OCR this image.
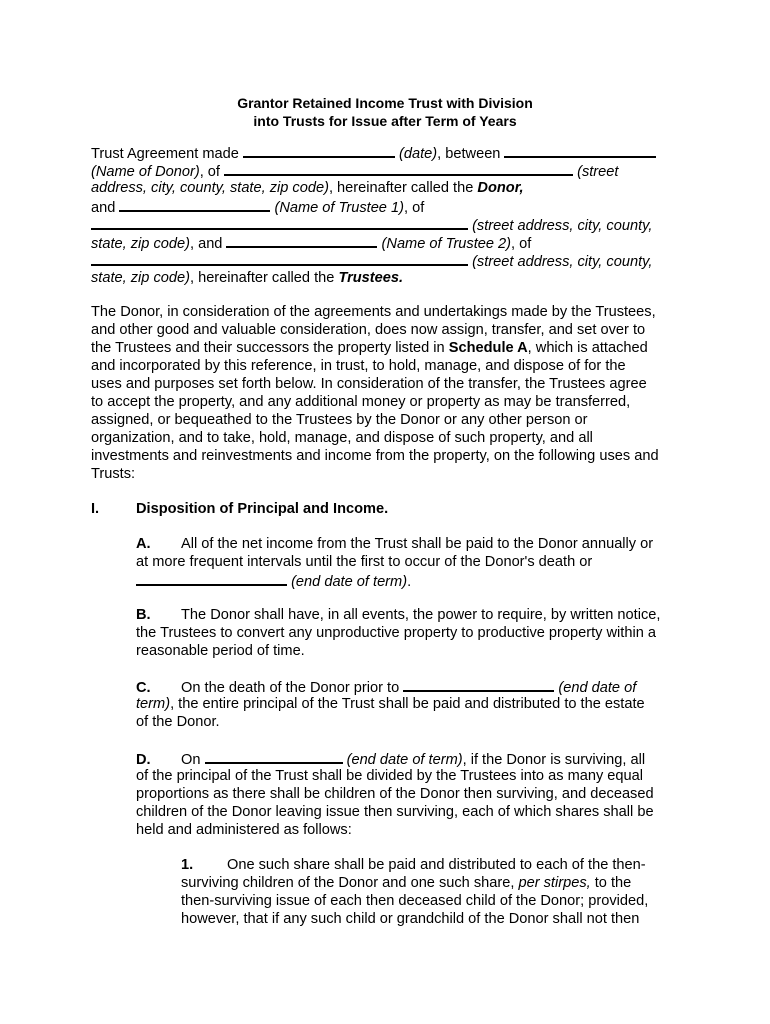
Grantor Retained Income Trust with Division
into Trusts for Issue after Term of Years
Trust Agreement made	(date), between
(Name of Donor), of	(street
address, city, county, state, zip code), hereinafter called the Donor,
and	(Name of Trustee 1), of
(street address, city, county,
state, zip code), and	(Name of Trustee 2), of
(street address, city, county,
state, zip code), hereinafter called the Trustees.
The Donor, in consideration of the agreements and undertakings made by the Trustees,
and other good and valuable consideration, does now assign, transfer, and set over to
the Trustees and their successors the property listed in Schedule A, which is attached
and incorporated by this reference, in trust, to hold, manage, and dispose of for the
uses and purposes set forth below. In consideration of the transfer, the Trustees agree
to accept the property, and any additional money or property as may be transferred,
assigned, or bequeathed to the Trustees by the Donor or any other person or
organization, and to take, hold, manage, and dispose of such property, and all
investments and reinvestments and income from the property, on the following uses and
Trusts:
I.	Disposition of Principal and Income.
A. All of the net income from the Trust shall be paid to the Donor annually or
at more frequent intervals until the first to occur of the Donor's death or
(end date of term).
B. The Donor shall have, in all events, the power to require, by written notice,
the Trustees to convert any unproductive property to productive property within a
reasonable period of time.
C. On the death of the Donor prior to	(end date of
term), the entire principal of the Trust shall be paid and distributed to the estate
of the Donor.
D. On	(end date of term), if the Donor is surviving, all
of the principal of the Trust shall be divided by the Trustees into as many equal
proportions as there shall be children of the Donor then surviving, and deceased
children of the Donor leaving issue then surviving, each of which shares shall be
held and administered as follows:
1. One such share shall be paid and distributed to each of the then-
surviving children of the Donor and one such share, per stirpes, to the
then-surviving issue of each then deceased child of the Donor; provided,
however, that if any such child or grandchild of the Donor shall not then
